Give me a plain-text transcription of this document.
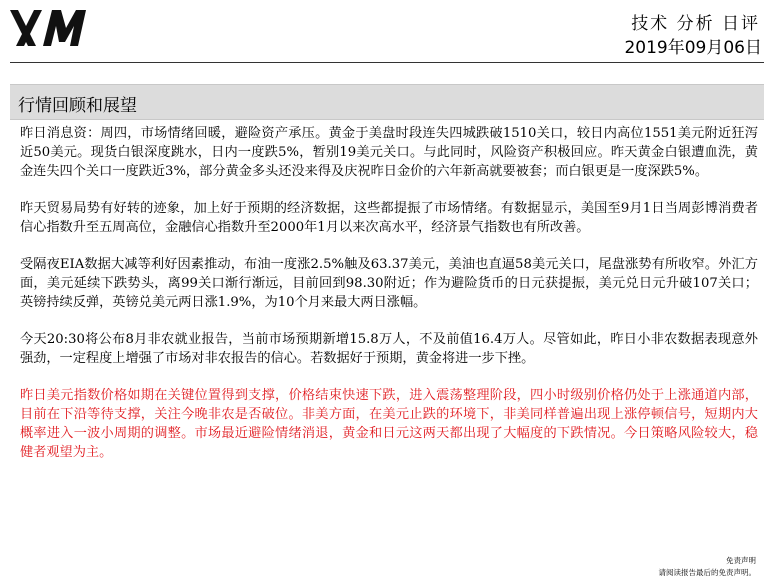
技术 分析 日评
2019年09月06日
行情回顾和展望

昨日消息资：周四，市场情绪回暖，避险资产承压。黄金于美盘时段连失四城跌破1510关口，较日内高位1551美元附近狂泻近50美元。现货白银深度跳水，日内一度跌5%，暂别19美元关口。与此同时，风险资产积极回应。昨天黄金白银遭血洗，黄金连失四个关口一度跌近3%，部分黄金多头还没来得及庆祝昨日金价的六年新高就要被套；而白银更是一度深跌5%。

昨天贸易局势有好转的迹象，加上好于预期的经济数据，这些都提振了市场情绪。有数据显示，美国至9月1日当周彭博消费者信心指数升至五周高位，金融信心指数升至2000年1月以来次高水平，经济景气指数也有所改善。

受隔夜EIA数据大减等利好因素推动，布油一度涨2.5%触及63.37美元，美油也直逼58美元关口，尾盘涨势有所收窄。外汇方面，美元延续下跌势头，离99关口渐行渐远，目前回到98.30附近；作为避险货币的日元获提振，美元兑日元升破107关口；英镑持续反弹，英镑兑美元两日涨1.9%，为10个月来最大两日涨幅。

今天20:30将公布8月非农就业报告，当前市场预期新增15.8万人，不及前值16.4万人。尽管如此，昨日小非农数据表现意外强劲，一定程度上增强了市场对非农报告的信心。若数据好于预期，黄金将进一步下挫。

昨日美元指数价格如期在关键位置得到支撑，价格结束快速下跌，进入震荡整理阶段，四小时级别价格仍处于上涨通道内部，目前在下沿等待支撑，关注今晚非农是否破位。非美方面，在美元止跌的环境下，非美同样普遍出现上涨停顿信号，短期内大概率进入一波小周期的调整。市场最近避险情绪消退，黄金和日元这两天都出现了大幅度的下跌情况。今日策略风险较大，稳健者观望为主。

免责声明
请阅读报告最后的免责声明。
